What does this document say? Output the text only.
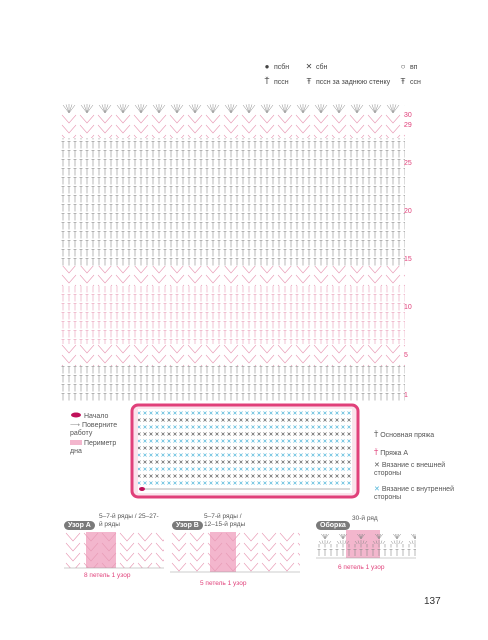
● псбн ✕ сбн	○ вп
Ť пссн	Ŧ пссн за заднюю стенку	Ŧ ссн
30
29
25
20
15
10
5
1
Начало
⟶ Поверните работу
Периметр дна
Ť Основная пряжа
Ť Пряжа А
✕ Вязание с внешней стороны
✕ Вязание с внутренней стороны
Узор А
5–7-й ряды / 25–27-й ряды
8 петель 1 узор
Узор В
5–7-й ряды / 12–15-й ряды
5 петель 1 узор
Оборка
30-й ряд
6 петель 1 узор
137
